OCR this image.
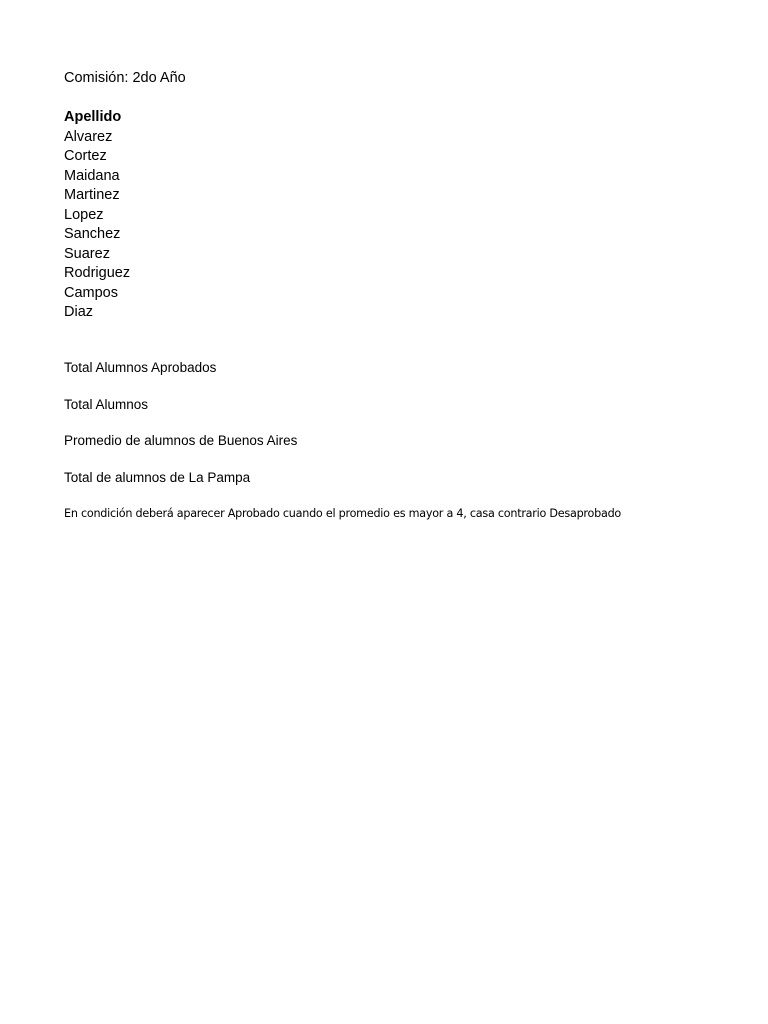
Comisión: 2do Año
Apellido
Alvarez
Cortez
Maidana
Martinez
Lopez
Sanchez
Suarez
Rodriguez
Campos
Diaz
Total Alumnos Aprobados
Total Alumnos
Promedio de alumnos de Buenos Aires
Total de alumnos de La Pampa
En condición deberá aparecer Aprobado cuando el promedio es mayor a 4, casa contrario Desaprobado
